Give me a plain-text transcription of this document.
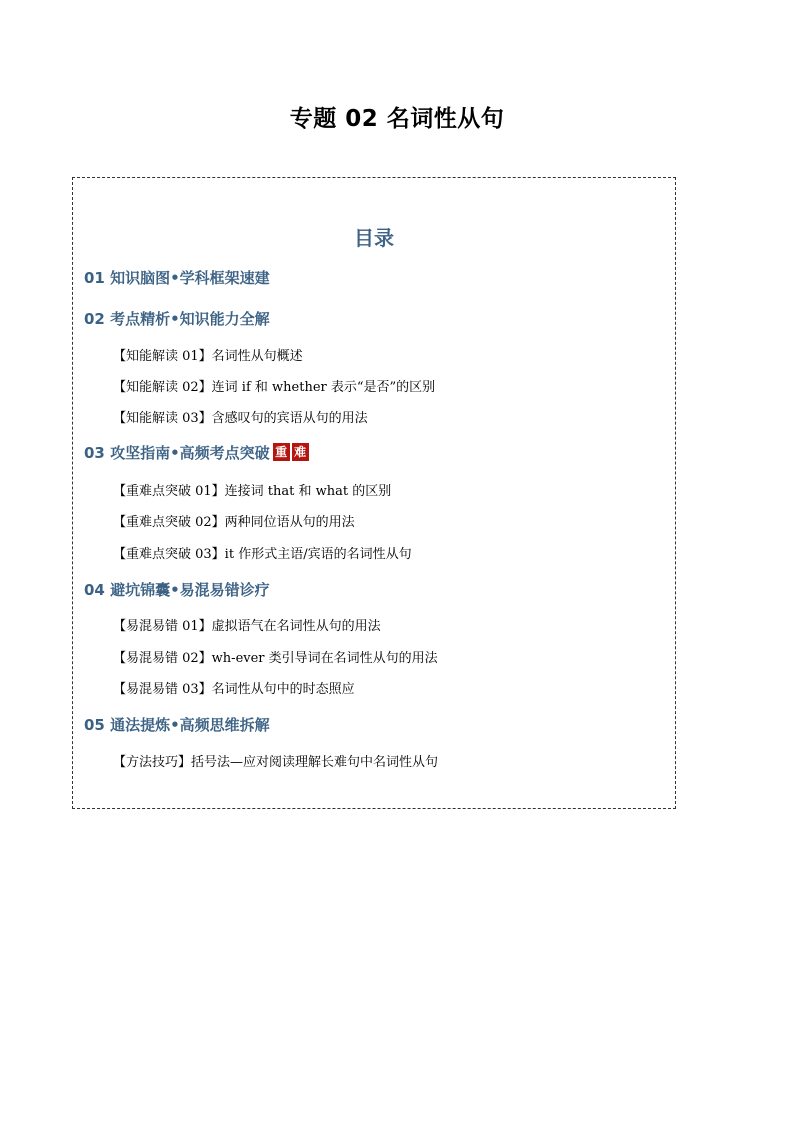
专题 02 名词性从句
目录
01 知识脑图•学科框架速建
02 考点精析•知识能力全解
【知能解读 01】名词性从句概述
【知能解读 02】连词 if 和 whether 表示“是否”的区别
【知能解读 03】含感叹句的宾语从句的用法
03 攻坚指南•高频考点突破 重 难
【重难点突破 01】连接词 that 和 what 的区别
【重难点突破 02】两种同位语从句的用法
【重难点突破 03】it 作形式主语/宾语的名词性从句
04 避坑锦囊•易混易错诊疗
【易混易错 01】虚拟语气在名词性从句的用法
【易混易错 02】wh-ever 类引导词在名词性从句的用法
【易混易错 03】名词性从句中的时态照应
05 通法提炼•高频思维拆解
【方法技巧】括号法—应对阅读理解长难句中名词性从句
